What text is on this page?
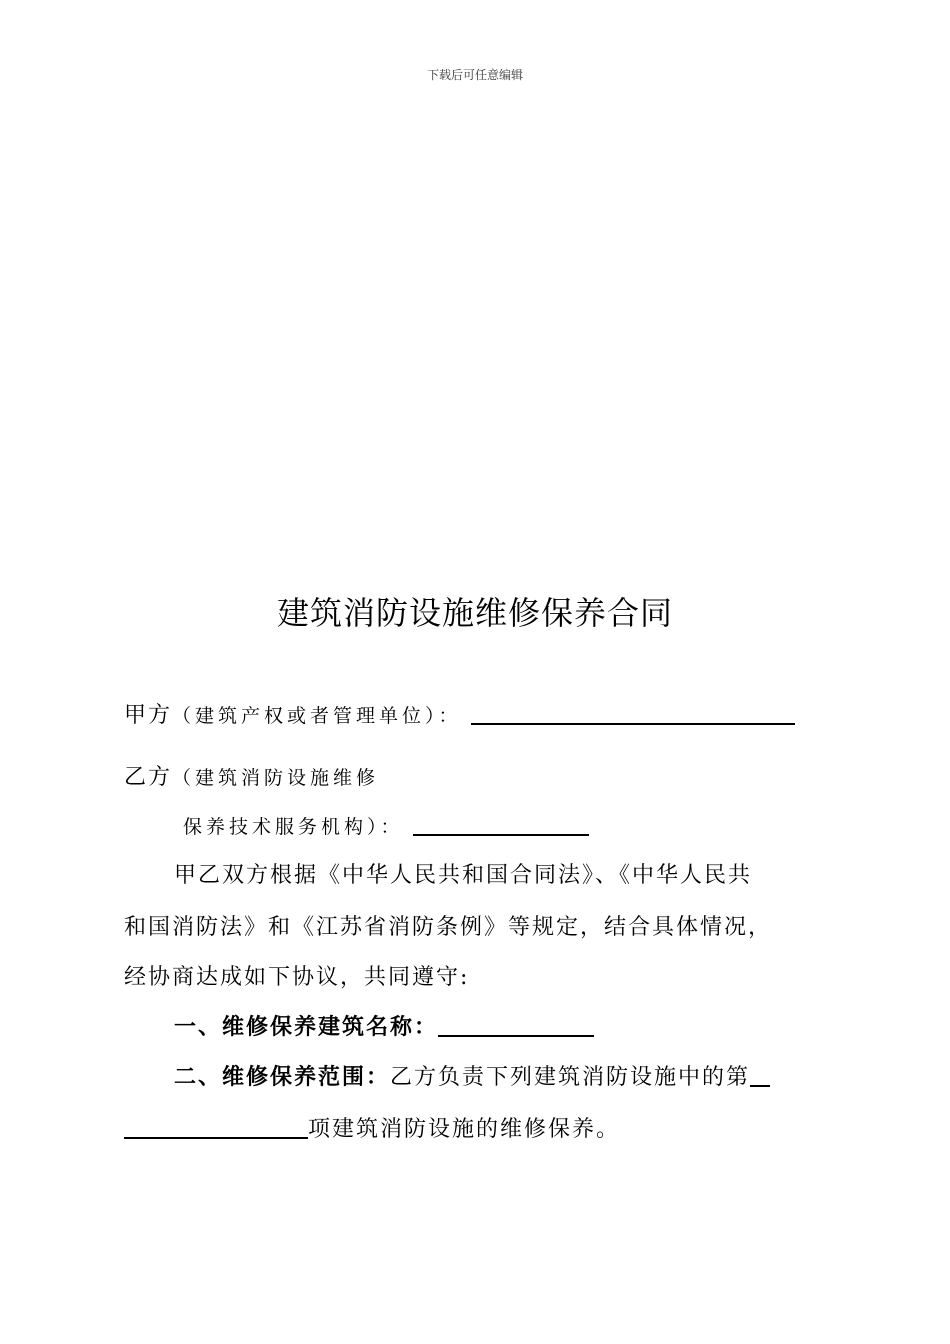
下载后可任意编辑
建筑消防设施维修保养合同
甲方（建筑产权或者管理单位）：
乙方（建筑消防设施维修
保养技术服务机构）：
甲乙双方根据《中华人民共和国合同法》、《中华人民共
和国消防法》和《江苏省消防条例》等规定，结合具体情况，
经协商达成如下协议，共同遵守:
一、维修保养建筑名称：
二、维修保养范围：乙方负责下列建筑消防设施中的第
项建筑消防设施的维修保养。
